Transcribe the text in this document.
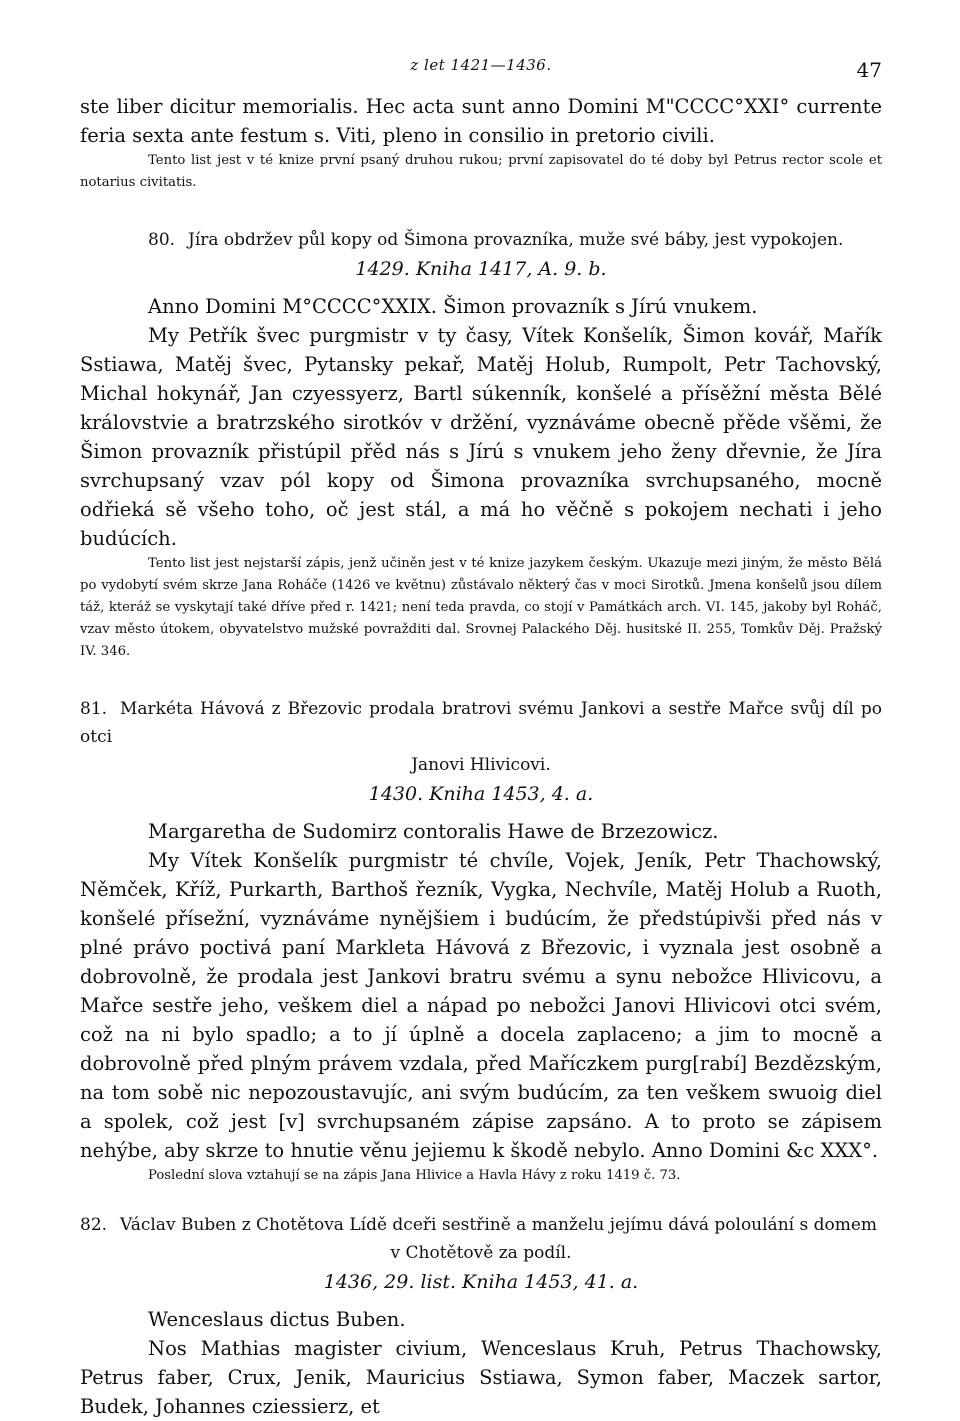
z let 1421—1436.	47

ste liber dicitur memorialis. Hec acta sunt anno Domini M"CCCC°XXI° currente feria sexta ante festum s. Viti, pleno in consilio in pretorio civili.

Tento list jest v té knize první psaný druhou rukou; první zapisovatel do té doby byl Petrus rector scole et notarius civitatis.

80. Jíra obdržev půl kopy od Šimona provazníka, muže své báby, jest vypokojen.

1429. Kniha 1417, A. 9. b.

Anno Domini M°CCCC°XXIX. Šimon provazník s Jírú vnukem.

My Petřík švec purgmistr v ty časy, Vítek Konšelík, Šimon kovář, Mařík Sstiawa, Matěj švec, Pytansky pekař, Matěj Holub, Rumpolt, Petr Tachovský, Michal hokynář, Jan czyessyerz, Bartl súkenník, konšelé a přísěžní města Bělé královstvie a bratrzského sirotkóv v držění, vyznáváme obecně přěde všěmi, že Šimon provazník přistúpil přěd nás s Jírú s vnukem jeho ženy dřevnie, že Jíra svrchupsaný vzav pól kopy od Šimona provazníka svrchupsaného, mocně odřieká sě všeho toho, oč jest stál, a má ho věčně s pokojem nechati i jeho budúcích.

Tento list jest nejstarší zápis, jenž učiněn jest v té knize jazykem českým. Ukazuje mezi jiným, že město Bělá po vydobytí svém skrze Jana Roháče (1426 ve květnu) zůstávalo některý čas v moci Sirotků. Jmena konšelů jsou dílem táž, kteráž se vyskytají také dříve před r. 1421; není teda pravda, co stojí v Památkách arch. VI. 145, jakoby byl Roháč, vzav město útokem, obyvatelstvo mužské povražditi dal. Srovnej Palackého Děj. husitské II. 255, Tomkův Děj. Pražský IV. 346.

81. Markéta Hávová z Březovic prodala bratrovi svému Jankovi a sestře Mařce svůj díl po otci

Janovi Hlivicovi.

1430. Kniha 1453, 4. a.

Margaretha de Sudomirz contoralis Hawe de Brzezowicz.

My Vítek Konšelík purgmistr té chvíle, Vojek, Jeník, Petr Thachowský, Němček, Kříž, Purkarth, Barthoš řezník, Vygka, Nechvíle, Matěj Holub a Ruoth, konšelé přísežní, vyznáváme nynějšiem i budúcím, že předstúpivši před nás v plné právo poctivá paní Markleta Hávová z Březovic, i vyznala jest osobně a dobrovolně, že prodala jest Jankovi bratru svému a synu nebožce Hlivicovu, a Mařce sestře jeho, veškem diel a nápad po nebožci Janovi Hlivicovi otci svém, což na ni bylo spadlo; a to jí úplně a docela zaplaceno; a jim to mocně a dobrovolně před plným právem vzdala, před Maříczkem purg[rabí] Bezdězským, na tom sobě nic nepozoustavujíc, ani svým budúcím, za ten veškem swuoig diel a spolek, což jest [v] svrchupsaném zápise zapsáno. A to proto se zápisem nehýbe, aby skrze to hnutie věnu jejiemu k škodě nebylo. Anno Domini &c XXX°.

Poslední slova vztahují se na zápis Jana Hlivice a Havla Hávy z roku 1419 č. 73.

82. Václav Buben z Chotětova Lídě dceři sestřině a manželu jejímu dává poloulání s domem

v Chotětově za podíl.

1436, 29. list. Kniha 1453, 41. a.

Wenceslaus dictus Buben.

Nos Mathias magister civium, Wenceslaus Kruh, Petrus Thachowsky, Petrus faber, Crux, Jenik, Mauricius Sstiawa, Symon faber, Maczek sartor, Budek, Johannes cziessierz, et
